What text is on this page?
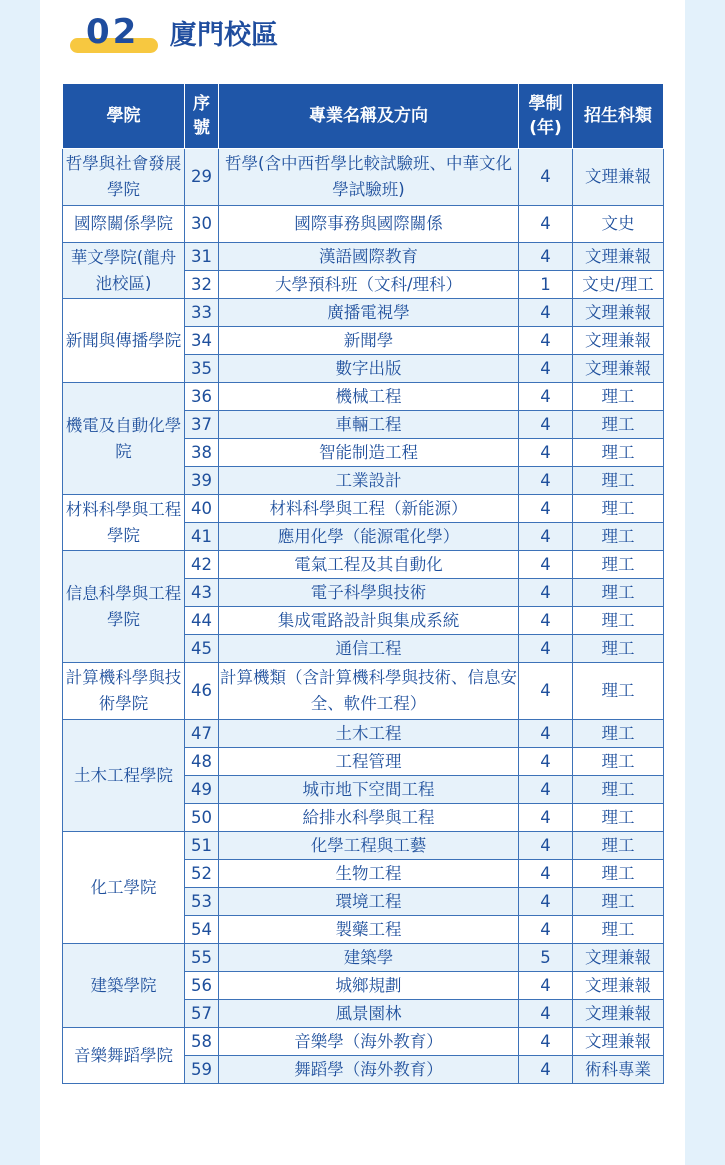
02 廈門校區
學院	序號	專業名稱及方向	學制(年)	招生科類
哲學與社會發展學院	29	哲學(含中西哲學比較試驗班、中華文化學試驗班)	4	文理兼報
國際關係學院	30	國際事務與國際關係	4	文史
華文學院(龍舟池校區)	31	漢語國際教育	4	文理兼報
	32	大學預科班（文科/理科）	1	文史/理工
新聞與傳播學院	33	廣播電視學	4	文理兼報
	34	新聞學	4	文理兼報
	35	數字出版	4	文理兼報
機電及自動化學院	36	機械工程	4	理工
	37	車輛工程	4	理工
	38	智能制造工程	4	理工
	39	工業設計	4	理工
材料科學與工程學院	40	材料科學與工程（新能源）	4	理工
	41	應用化學（能源電化學）	4	理工
信息科學與工程學院	42	電氣工程及其自動化	4	理工
	43	電子科學與技術	4	理工
	44	集成電路設計與集成系統	4	理工
	45	通信工程	4	理工
計算機科學與技術學院	46	計算機類（含計算機科學與技術、信息安全、軟件工程）	4	理工
土木工程學院	47	土木工程	4	理工
	48	工程管理	4	理工
	49	城市地下空間工程	4	理工
	50	給排水科學與工程	4	理工
化工學院	51	化學工程與工藝	4	理工
	52	生物工程	4	理工
	53	環境工程	4	理工
	54	製藥工程	4	理工
建築學院	55	建築學	5	文理兼報
	56	城鄉規劃	4	文理兼報
	57	風景園林	4	文理兼報
音樂舞蹈學院	58	音樂學（海外教育）	4	文理兼報
	59	舞蹈學（海外教育）	4	術科專業
